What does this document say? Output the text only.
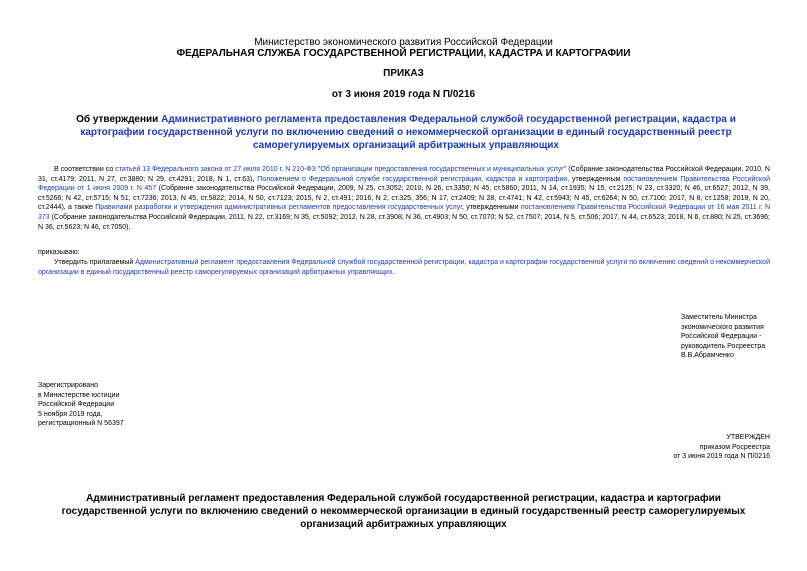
Министерство экономического развития Российской Федерации
ФЕДЕРАЛЬНАЯ СЛУЖБА ГОСУДАРСТВЕННОЙ РЕГИСТРАЦИИ, КАДАСТРА И КАРТОГРАФИИ
ПРИКАЗ
от 3 июня 2019 года N П/0216
Об утверждении Административного регламента предоставления Федеральной службой государственной регистрации, кадастра и картографии государственной услуги по включению сведений о некоммерческой организации в единый государственный реестр саморегулируемых организаций арбитражных управляющих
В соответствии со статьей 13 Федерального закона от 27 июля 2010 г. N 210-ФЗ "Об организации предоставления государственных и муниципальных услуг" (Собрание законодательства Российской Федерации, 2010, N 31, ст.4179; 2011, N 27, ст.3880; N 29, ст.4291; 2018, N 1, ст.63), Положением о Федеральной службе государственной регистрации, кадастра и картографии, утвержденным постановлением Правительства Российской Федерации от 1 июня 2009 г. N 457 (Собрание законодательства Российской Федерации, 2009, N 25, ст.3052; 2010, N 26, ст.3350; N 45, ст.5860; 2011, N 14, ст.1935; N 15, ст.2125; N 23, ст.3320; N 46, ст.6527; 2012, N 39, ст.5266; N 42, ст.5715; N 51, ст.7236; 2013, N 45, ст.5822; 2014, N 50, ст.7123; 2015, N 2, ст.491; 2016, N 2, ст.325, 356; N 17, ст.2409; N 28, ст.4741; N 42, ст.5943; N 45, ст.6264; N 50, ст.7100; 2017, N 8, ст.1258; 2019, N 20, ст.2444), а также Правилами разработки и утверждения административных регламентов предоставления государственных услуг, утвержденными постановлением Правительства Российской Федерации от 16 мая 2011 г. N 373 (Собрание законодательства Российской Федерации, 2011, N 22, ст.3169; N 35, ст.5092; 2012, N 28, ст.3908; N 36, ст.4903; N 50, ст.7070; N 52, ст.7507; 2014, N 5, ст.506; 2017, N 44, ст.6523; 2018, N 6, ст.880; N 25, ст.3696; N 36, ст.5623; N 46, ст.7050),
приказываю:
Утвердить прилагаемый Административный регламент предоставления Федеральной службой государственной регистрации, кадастра и картографии государственной услуги по включению сведений о некоммерческой организации в единый государственный реестр саморегулируемых организаций арбитражных управляющих.
Заместитель Министра
экономического развития
Российской Федерации -
руководитель Росреестра
В.В.Абрамченко
Зарегистрировано
в Министерстве юстиции
Российской Федерации
5 ноября 2019 года,
регистрационный N 56397
УТВЕРЖДЕН
приказом Росреестра
от 3 июня 2019 года N П/0216
Административный регламент предоставления Федеральной службой государственной регистрации, кадастра и картографии государственной услуги по включению сведений о некоммерческой организации в единый государственный реестр саморегулируемых организаций арбитражных управляющих
